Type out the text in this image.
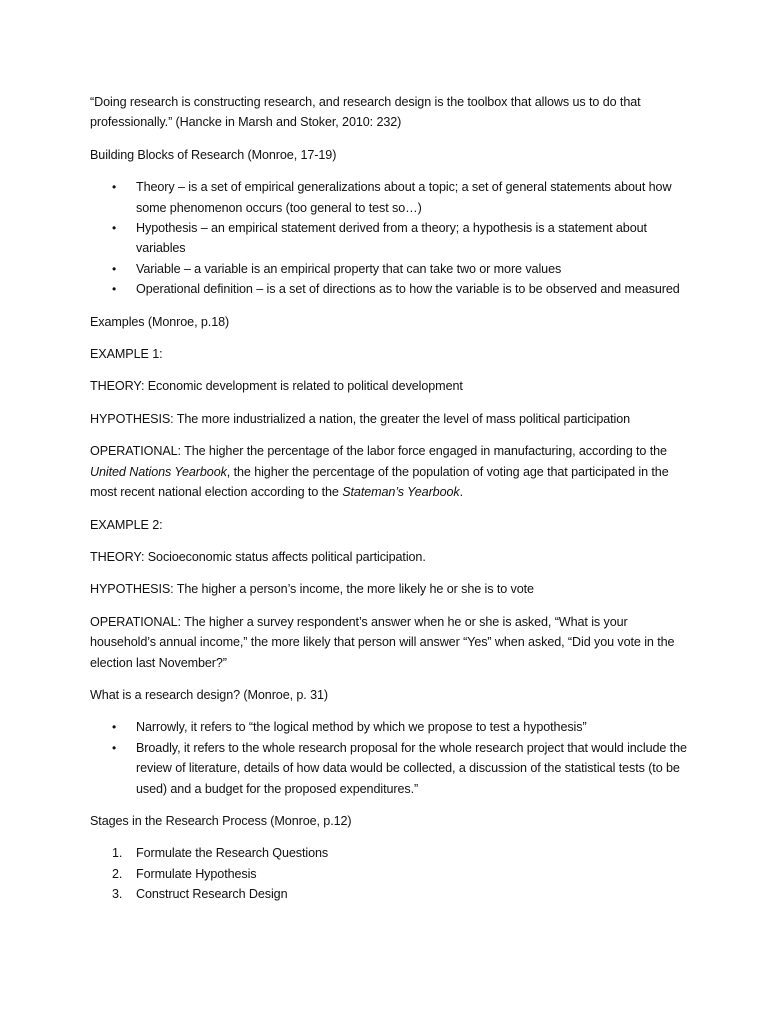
“Doing research is constructing research, and research design is the toolbox that allows us to do that
professionally.” (Hancke in Marsh and Stoker, 2010: 232)

Building Blocks of Research (Monroe, 17-19)

• Theory – is a set of empirical generalizations about a topic; a set of general statements about how some phenomenon occurs (too general to test so…)
• Hypothesis – an empirical statement derived from a theory; a hypothesis is a statement about variables
• Variable – a variable is an empirical property that can take two or more values
• Operational definition – is a set of directions as to how the variable is to be observed and measured

Examples (Monroe, p.18)

EXAMPLE 1:

THEORY: Economic development is related to political development

HYPOTHESIS: The more industrialized a nation, the greater the level of mass political participation

OPERATIONAL: The higher the percentage of the labor force engaged in manufacturing, according to the United Nations Yearbook, the higher the percentage of the population of voting age that participated in the most recent national election according to the Stateman’s Yearbook.

EXAMPLE 2:

THEORY: Socioeconomic status affects political participation.

HYPOTHESIS: The higher a person’s income, the more likely he or she is to vote

OPERATIONAL: The higher a survey respondent’s answer when he or she is asked, “What is your household’s annual income,” the more likely that person will answer “Yes” when asked, “Did you vote in the election last November?”

What is a research design? (Monroe, p. 31)

• Narrowly, it refers to “the logical method by which we propose to test a hypothesis”
• Broadly, it refers to the whole research proposal for the whole research project that would include the review of literature, details of how data would be collected, a discussion of the statistical tests (to be used) and a budget for the proposed expenditures.”

Stages in the Research Process (Monroe, p.12)

1. Formulate the Research Questions
2. Formulate Hypothesis
3. Construct Research Design
